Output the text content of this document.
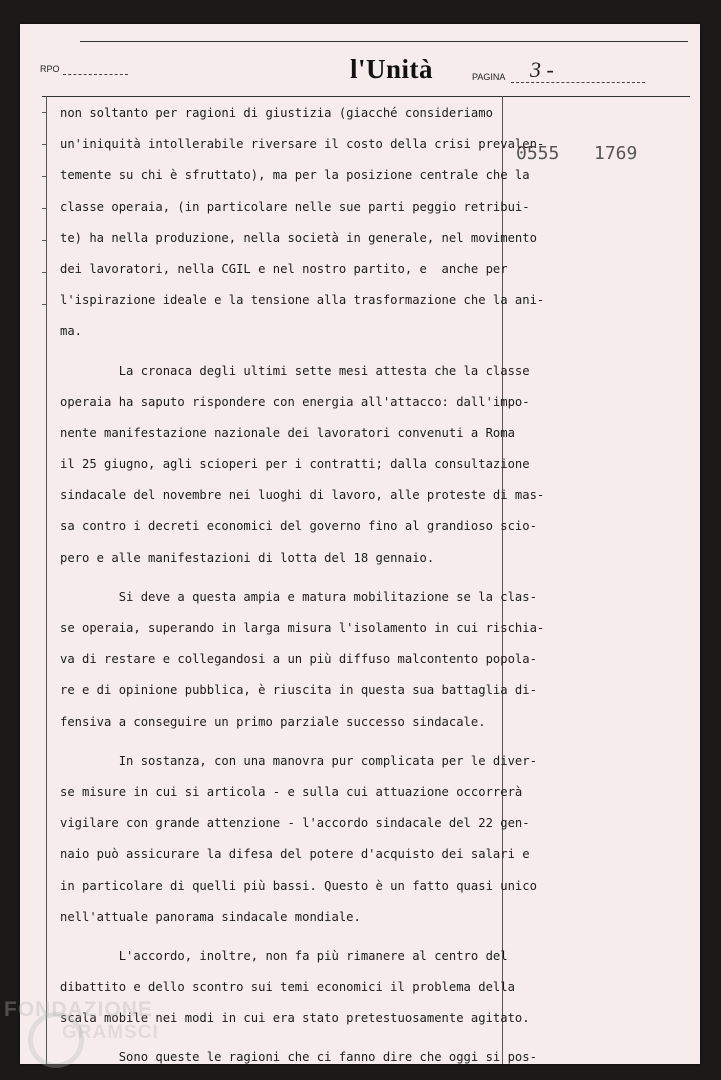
RPO	l'Unità	PAGINA 3 -
0555 1769
non soltanto per ragioni di giustizia (giacché consideriamo
un'iniquità intollerabile riversare il costo della crisi prevalen-
temente su chi è sfruttato), ma per la posizione centrale che la
classe operaia, (in particolare nelle sue parti peggio retribui-
te) ha nella produzione, nella società in generale, nel movimento
dei lavoratori, nella CGIL e nel nostro partito, e  anche per
l'ispirazione ideale e la tensione alla trasformazione che la ani-
ma.
La cronaca degli ultimi sette mesi attesta che la classe
operaia ha saputo rispondere con energia all'attacco: dall'impo-
nente manifestazione nazionale dei lavoratori convenuti a Roma
il 25 giugno, agli scioperi per i contratti; dalla consultazione
sindacale del novembre nei luoghi di lavoro, alle proteste di mas-
sa contro i decreti economici del governo fino al grandioso scio-
pero e alle manifestazioni di lotta del 18 gennaio.
Si deve a questa ampia e matura mobilitazione se la clas-
se operaia, superando in larga misura l'isolamento in cui rischia-
va di restare e collegandosi a un più diffuso malcontento popola-
re e di opinione pubblica, è riuscita in questa sua battaglia di-
fensiva a conseguire un primo parziale successo sindacale.
In sostanza, con una manovra pur complicata per le diver-
se misure in cui si articola - e sulla cui attuazione occorrerà
vigilare con grande attenzione - l'accordo sindacale del 22 gen-
naio può assicurare la difesa del potere d'acquisto dei salari e
in particolare di quelli più bassi. Questo è un fatto quasi unico
nell'attuale panorama sindacale mondiale.
L'accordo, inoltre, non fa più rimanere al centro del
dibattito e dello scontro sui temi economici il problema della
scala mobile nei modi in cui era stato pretestuosamente agitato.
Sono queste le ragioni che ci fanno dire che oggi si pos-
FONDAZIONE
GRAMSCI
